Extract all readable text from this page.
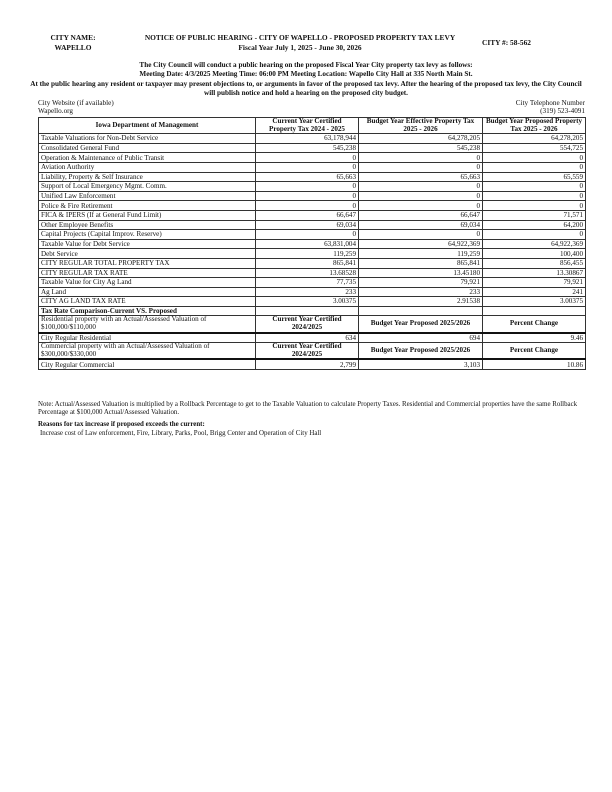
CITY NAME:
WAPELLO
NOTICE OF PUBLIC HEARING - CITY OF WAPELLO - PROPOSED PROPERTY TAX LEVY
Fiscal Year July 1, 2025 - June 30, 2026	CITY #: 58-562
The City Council will conduct a public hearing on the proposed Fiscal Year City property tax levy as follows:
Meeting Date: 4/3/2025 Meeting Time: 06:00 PM Meeting Location: Wapello City Hall at 335 North Main St.
At the public hearing any resident or taxpayer may present objections to, or arguments in favor of the proposed tax levy. After the hearing of the proposed tax levy, the City Council will publish notice and hold a hearing on the proposed city budget.
City Website (if available)
Wapello.org
City Telephone Number
(319) 523-4091
Iowa Department of Management	Current Year Certified Property Tax 2024 - 2025	Budget Year Effective Property Tax 2025 - 2026	Budget Year Proposed Property Tax 2025 - 2026
Taxable Valuations for Non-Debt Service	63,178,944	64,278,205	64,278,205
Consolidated General Fund	545,238	545,238	554,725
Operation & Maintenance of Public Transit	0	0	0
Aviation Authority	0	0	0
Liability, Property & Self Insurance	65,663	65,663	65,559
Support of Local Emergency Mgmt. Comm.	0	0	0
Unified Law Enforcement	0	0	0
Police & Fire Retirement	0	0	0
FICA & IPERS (If at General Fund Limit)	66,647	66,647	71,571
Other Employee Benefits	69,034	69,034	64,200
Capital Projects (Capital Improv. Reserve)	0	0	0
Taxable Value for Debt Service	63,831,004	64,922,369	64,922,369
Debt Service	119,259	119,259	100,400
CITY REGULAR TOTAL PROPERTY TAX	865,841	865,841	856,455
CITY REGULAR TAX RATE	13.68528	13.45180	13.30867
Taxable Value for City Ag Land	77,735	79,921	79,921
Ag Land	233	233	241
CITY AG LAND TAX RATE	3.00375	2.91538	3.00375
Tax Rate Comparison-Current VS. Proposed			
Residential property with an Actual/Assessed Valuation of $100,000/$110,000	Current Year Certified 2024/2025	Budget Year Proposed 2025/2026	Percent Change
City Regular Residential	634	694	9.46
Commercial property with an Actual/Assessed Valuation of $300,000/$330,000	Current Year Certified 2024/2025	Budget Year Proposed 2025/2026	Percent Change
City Regular Commercial	2,799	3,103	10.86
Note: Actual/Assessed Valuation is multiplied by a Rollback Percentage to get to the Taxable Valuation to calculate Property Taxes. Residential and Commercial properties have the same Rollback Percentage at $100,000 Actual/Assessed Valuation.
Reasons for tax increase if proposed exceeds the current:
Increase cost of Law enforcement, Fire, Library, Parks, Pool, Brigg Center and Operation of City Hall
